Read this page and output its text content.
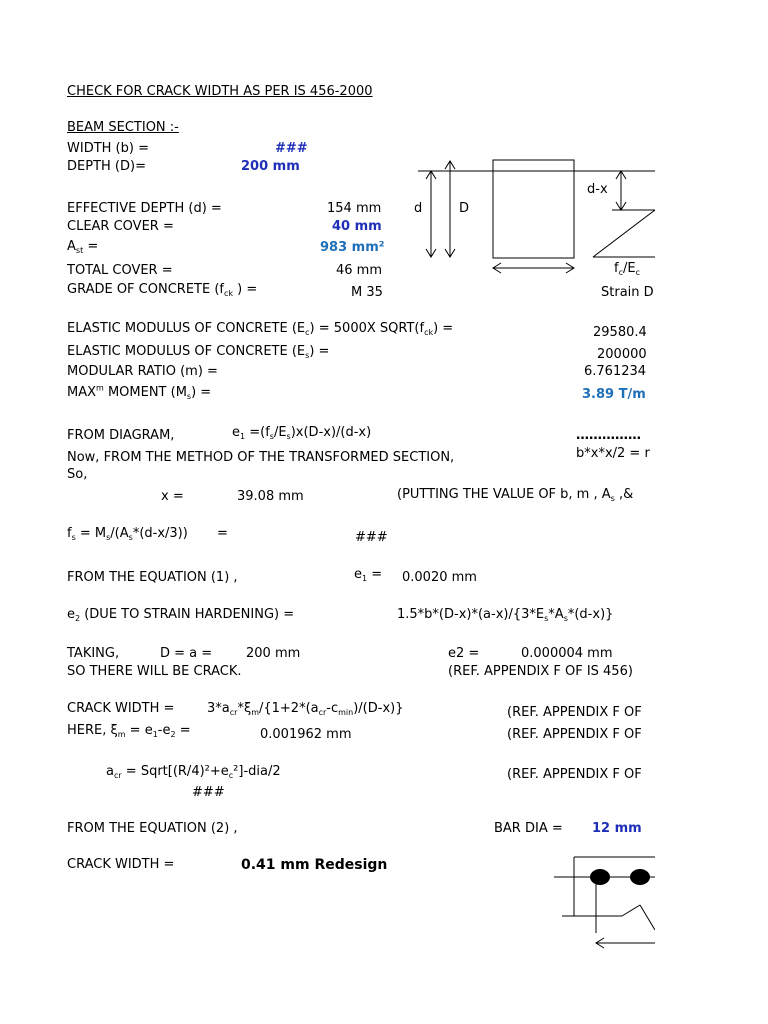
CHECK FOR CRACK WIDTH AS PER IS 456-2000
BEAM SECTION :-
WIDTH (b) =	###
DEPTH (D)=	200 mm
EFFECTIVE DEPTH (d) =	154 mm
CLEAR COVER =	40 mm
$A_{st}$ =	983 mm²
TOTAL COVER =	46 mm
GRADE OF CONCRETE ($f_{ck}$ ) =	M 35
ELASTIC MODULUS OF CONCRETE $(E_c) = 5000X$ $SQRT(f_{ck})$ =	29580.4
ELASTIC MODULUS OF CONCRETE $(E_s)$ =	200000
MODULAR RATIO (m) =	6.761234
MAX$^m$ MOMENT $(M_s)$ =	3.89 T/m
FROM DIAGRAM,	$e_1 =(f_s/E_s)x(D-x)/(d-x)$	……………
Now, FROM THE METHOD OF THE TRANSFORMED SECTION,	b*x*x/2 = r
So,
x =	39.08 mm	(PUTTING THE VALUE OF b, m , $A_s$ ,&
$f_s = M_s/(A_s*(d-x/3))$ =	###
FROM THE EQUATION (1) ,	$e_1 = 0.0020$ mm
$e_2$ (DUE TO STRAIN HARDENING) =	$1.5*b*(D-x)*(a-x)/\{3*E_s*A_s*(d-x)\}$
TAKING,	D = a =	200 mm	e2 =	0.000004 mm
SO THERE WILL BE CRACK.	(REF. APPENDIX F OF IS 456)
CRACK WIDTH =	$3*a_{cr}*\xi_m/\{1+2*(a_{cr}-c_{min})/(D-x)\}$	(REF. APPENDIX F OF
HERE, $\xi_m = e_1-e_2$ =	0.001962 mm	(REF. APPENDIX F OF
$a_{cr}$ = $Sqrt[(R/4)^2+e_c^2]-dia/2$	(REF. APPENDIX F OF
###
FROM THE EQUATION (2) ,	BAR DIA = 12 mm
CRACK WIDTH =	0.41 mm Redesign
d	D
d-x
$f_c/E_c$
Strain D
